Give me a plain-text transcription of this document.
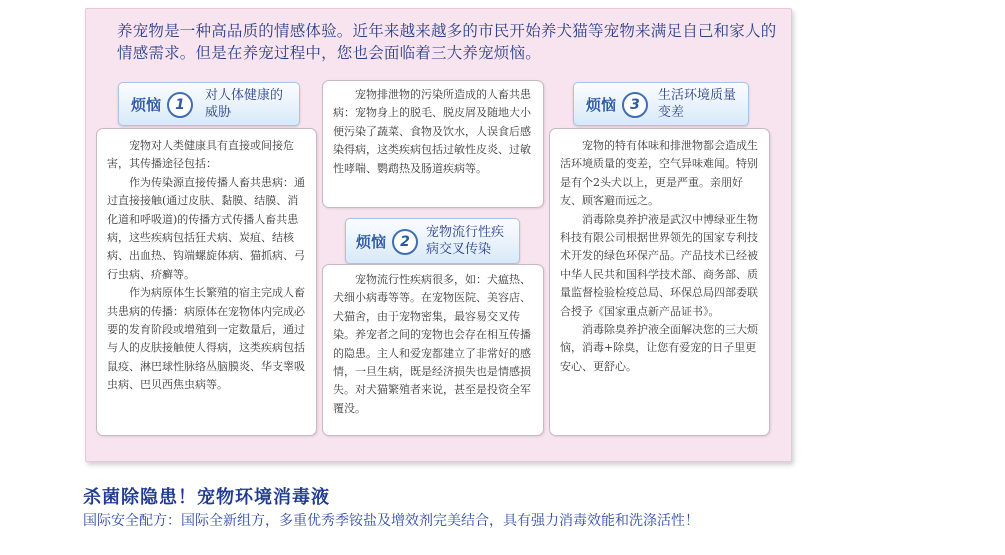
养宠物是一种高品质的情感体验。近年来越来越多的市民开始养犬猫等宠物来满足自己和家人的情感需求。但是在养宠过程中，您也会面临着三大养宠烦恼。
烦恼	1
对人体健康的威胁

宠物对人类健康具有直接或间接危害，其传播途径包括：

作为传染源直接传播人畜共患病：通过直接接触(通过皮肤、黏膜、结膜、消化道和呼吸道)的传播方式传播人畜共患病，这些疾病包括狂犬病、炭疽、结核病、出血热、钩端螺旋体病、猫抓病、弓行虫病、疥癣等。

作为病原体生长繁殖的宿主完成人畜共患病的传播：病原体在宠物体内完成必要的发育阶段或增殖到一定数量后，通过与人的皮肤接触使人得病，这类疾病包括鼠疫、淋巴球性脉络丛脑膜炎、华支睾吸虫病、巴贝西焦虫病等。

宠物排泄物的污染所造成的人畜共患病：宠物身上的脱毛、脱皮屑及随地大小便污染了蔬菜、食物及饮水，人误食后感染得病，这类疾病包括过敏性皮炎、过敏性哮喘、鹦鹉热及肠道疾病等。

烦恼	2
宠物流行性疾病交叉传染

宠物流行性疾病很多，如：犬瘟热、犬细小病毒等等。在宠物医院、美容店、犬猫舍，由于宠物密集，最容易交叉传染。养宠者之间的宠物也会存在相互传播的隐患。主人和爱宠都建立了非常好的感情，一旦生病，既是经济损失也是情感损失。对犬猫繁殖者来说，甚至是投资全军覆没。

烦恼	3
生活环境质量变差

宠物的特有体味和排泄物都会造成生活环境质量的变差，空气异味难闻。特别是有个2头犬以上，更是严重。亲朋好友、顾客避而远之。

消毒除臭养护液是武汉中博绿亚生物科技有限公司根据世界领先的国家专利技术开发的绿色环保产品。产品技术已经被中华人民共和国科学技术部、商务部、质量监督检验检疫总局、环保总局四部委联合授予《国家重点新产品证书》。

消毒除臭养护液全面解决您的三大烦恼，消毒+除臭，让您有爱宠的日子里更安心、更舒心。

杀菌除隐患！宠物环境消毒液
国际安全配方：国际全新组方，多重优秀季铵盐及增效剂完美结合，具有强力消毒效能和洗涤活性！
